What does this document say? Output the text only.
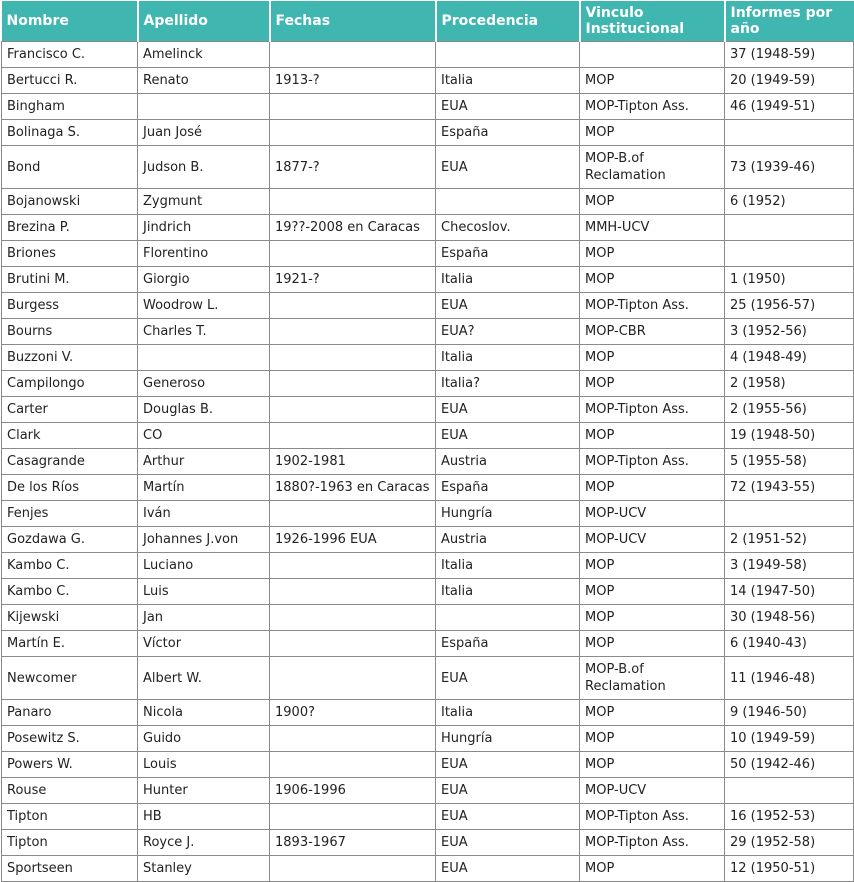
Nombre	Apellido	Fechas	Procedencia	Vinculo Institucional	Informes por año
Francisco C.	Amelinck				37 (1948-59)
Bertucci R.	Renato	1913-?	Italia	MOP	20 (1949-59)
Bingham			EUA	MOP-Tipton Ass.	46 (1949-51)
Bolinaga S.	Juan José		España	MOP	
Bond	Judson B.	1877-?	EUA	MOP-B.of Reclamation	73 (1939-46)
Bojanowski	Zygmunt			MOP	6 (1952)
Brezina P.	Jindrich	19??-2008 en Caracas	Checoslov.	MMH-UCV	
Briones	Florentino		España	MOP	
Brutini M.	Giorgio	1921-?	Italia	MOP	1 (1950)
Burgess	Woodrow L.		EUA	MOP-Tipton Ass.	25 (1956-57)
Bourns	Charles T.		EUA?	MOP-CBR	3 (1952-56)
Buzzoni V.			Italia	MOP	4 (1948-49)
Campilongo	Generoso		Italia?	MOP	2 (1958)
Carter	Douglas B.		EUA	MOP-Tipton Ass.	2 (1955-56)
Clark	CO		EUA	MOP	19 (1948-50)
Casagrande	Arthur	1902-1981	Austria	MOP-Tipton Ass.	5 (1955-58)
De los Ríos	Martín	1880?-1963 en Caracas	España	MOP	72 (1943-55)
Fenjes	Iván		Hungría	MOP-UCV	
Gozdawa G.	Johannes J.von	1926-1996 EUA	Austria	MOP-UCV	2 (1951-52)
Kambo C.	Luciano		Italia	MOP	3 (1949-58)
Kambo C.	Luis		Italia	MOP	14 (1947-50)
Kijewski	Jan			MOP	30 (1948-56)
Martín E.	Víctor		España	MOP	6 (1940-43)
Newcomer	Albert W.		EUA	MOP-B.of Reclamation	11 (1946-48)
Panaro	Nicola	1900?	Italia	MOP	9 (1946-50)
Posewitz S.	Guido		Hungría	MOP	10 (1949-59)
Powers W.	Louis		EUA	MOP	50 (1942-46)
Rouse	Hunter	1906-1996	EUA	MOP-UCV	
Tipton	HB		EUA	MOP-Tipton Ass.	16 (1952-53)
Tipton	Royce J.	1893-1967	EUA	MOP-Tipton Ass.	29 (1952-58)
Sportseen	Stanley		EUA	MOP	12 (1950-51)
